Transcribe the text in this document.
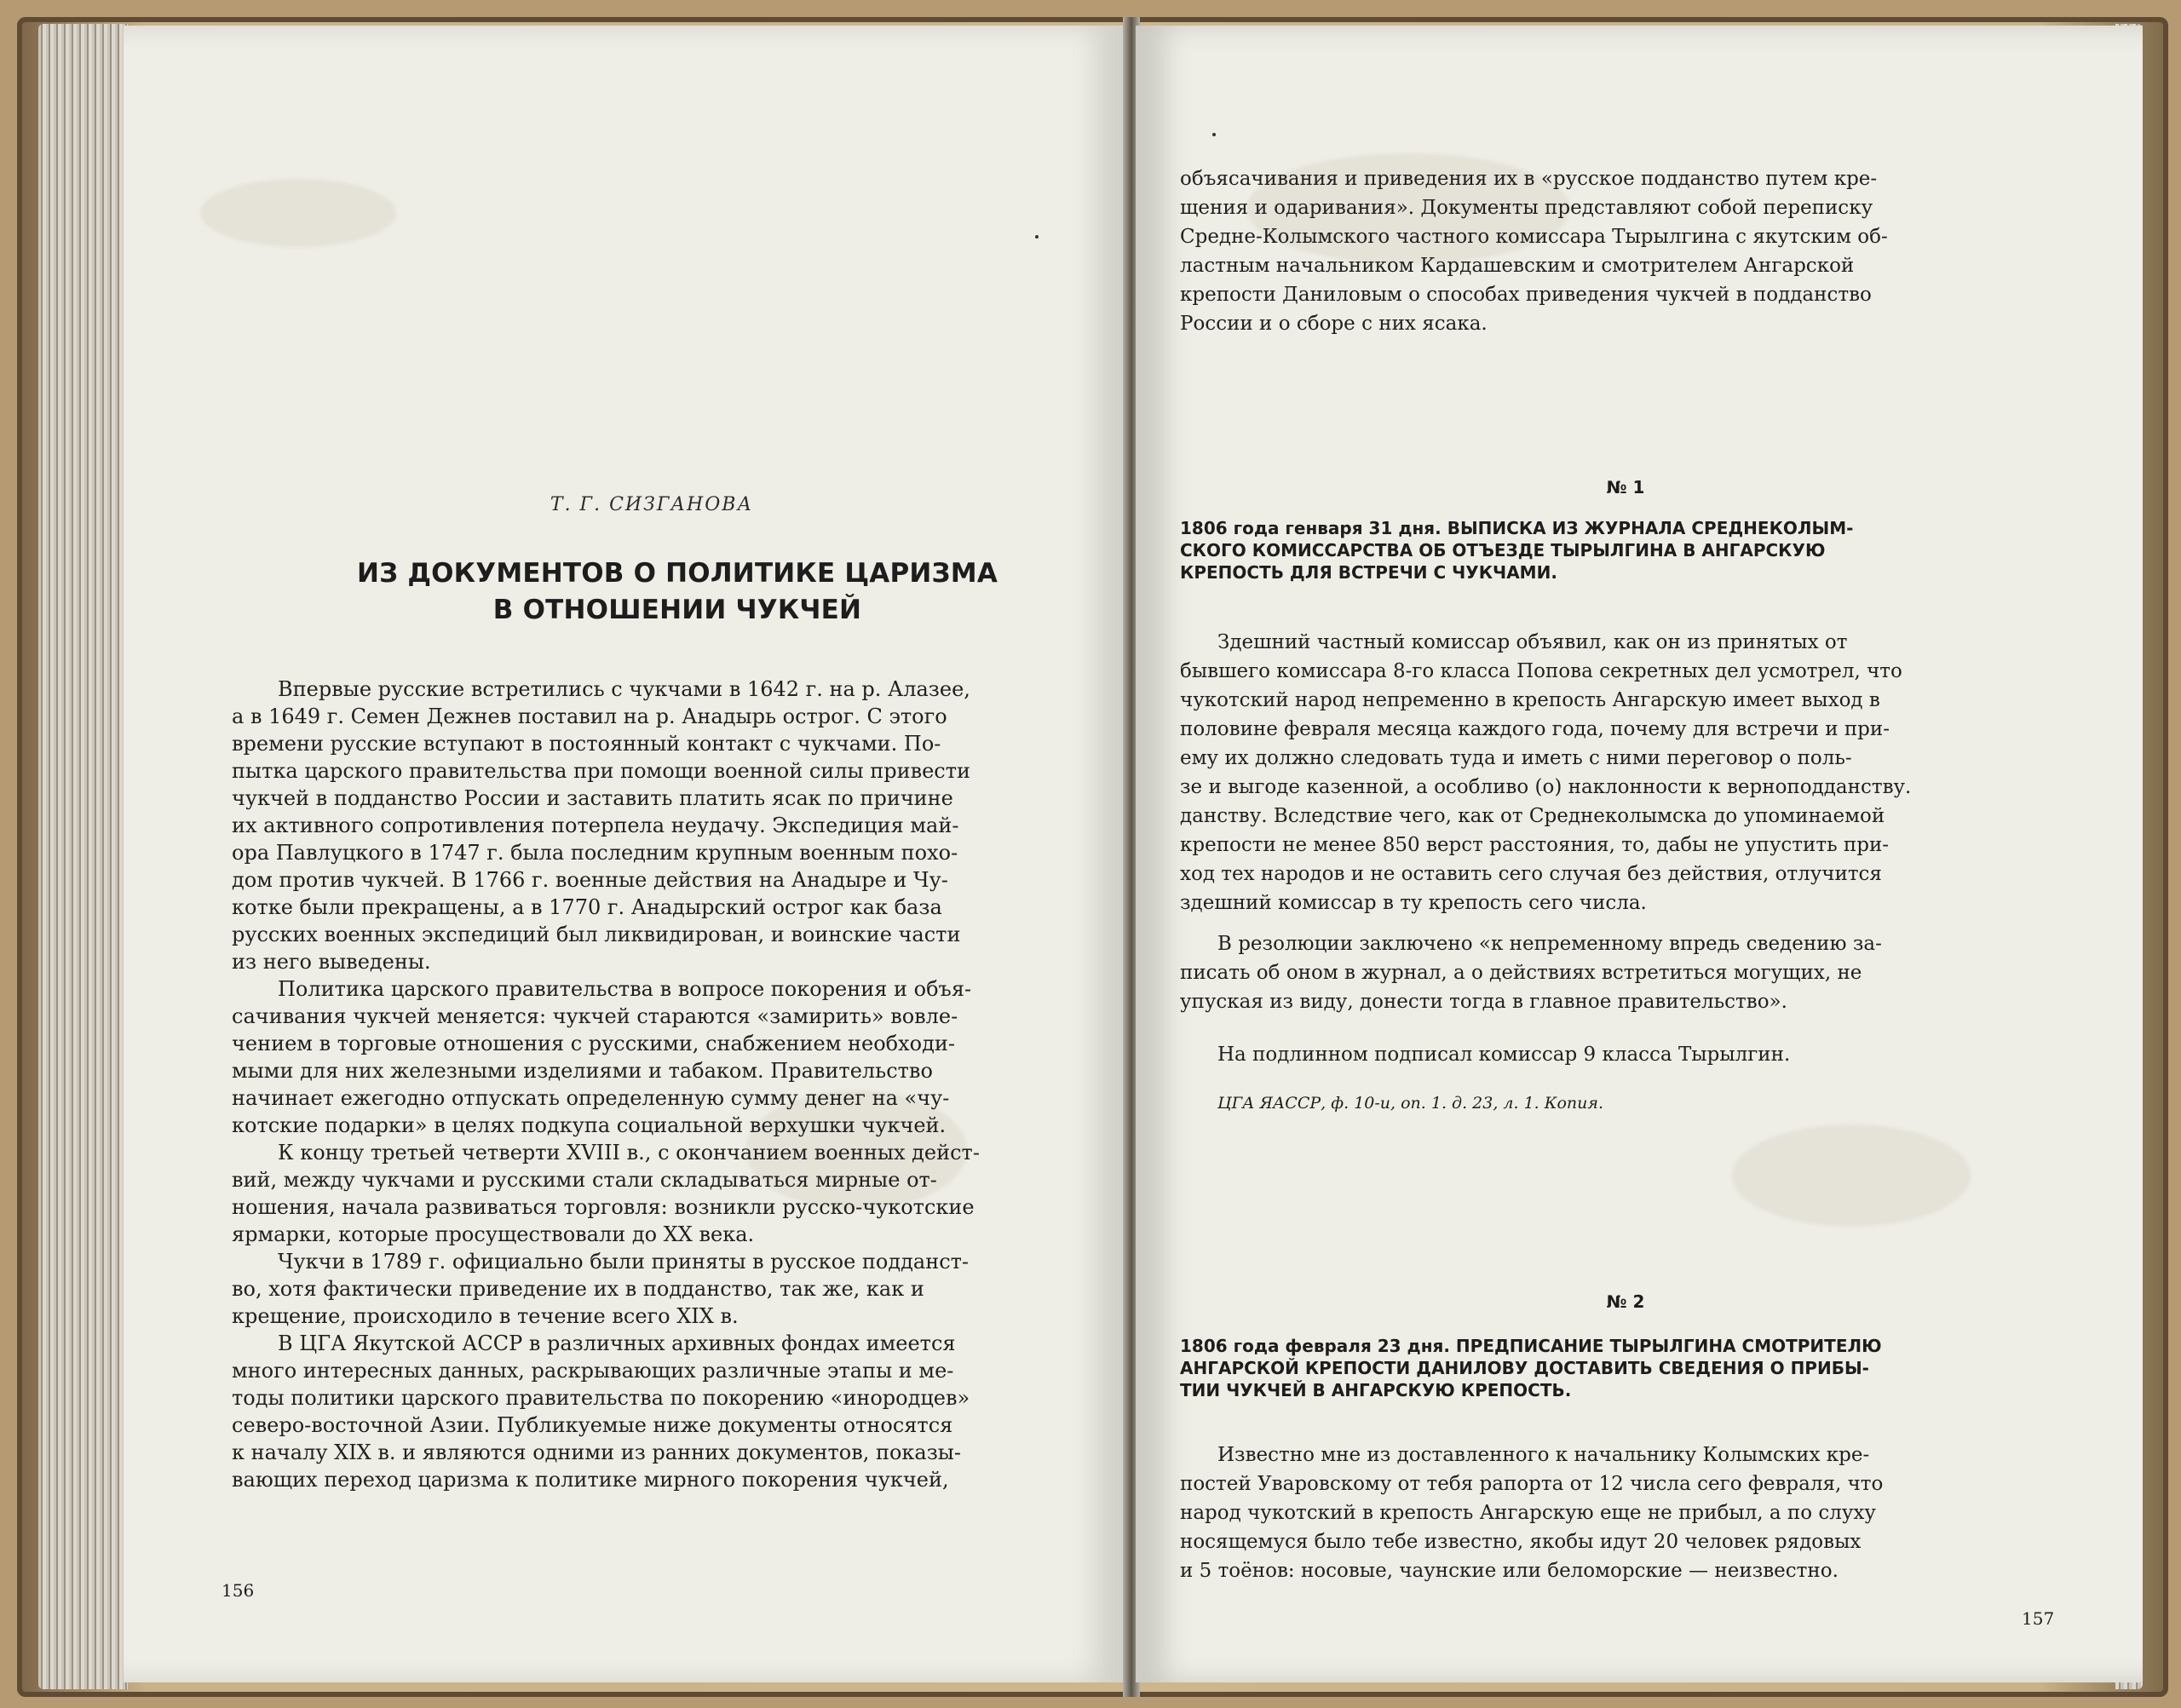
Т. Г. СИЗГАНОВА
ИЗ ДОКУМЕНТОВ О ПОЛИТИКЕ ЦАРИЗМА
В ОТНОШЕНИИ ЧУКЧЕЙ
Впервые русские встретились с чукчами в 1642 г. на р. Алазее,
а в 1649 г. Семен Дежнев поставил на р. Анадырь острог. С этого
времени русские вступают в постоянный контакт с чукчами. По-
пытка царского правительства при помощи военной силы привести
чукчей в подданство России и заставить платить ясак по причине
их активного сопротивления потерпела неудачу. Экспедиция май-
ора Павлуцкого в 1747 г. была последним крупным военным похо-
дом против чукчей. В 1766 г. военные действия на Анадыре и Чу-
котке были прекращены, а в 1770 г. Анадырский острог как база
русских военных экспедиций был ликвидирован, и воинские части
из него выведены.
Политика царского правительства в вопросе покорения и объя-
сачивания чукчей меняется: чукчей стараются «замирить» вовле-
чением в торговые отношения с русскими, снабжением необходи-
мыми для них железными изделиями и табаком. Правительство
начинает ежегодно отпускать определенную сумму денег на «чу-
котские подарки» в целях подкупа социальной верхушки чукчей.
К концу третьей четверти XVIII в., с окончанием военных дейст-
вий, между чукчами и русскими стали складываться мирные от-
ношения, начала развиваться торговля: возникли русско-чукотские
ярмарки, которые просуществовали до XX века.
Чукчи в 1789 г. официально были приняты в русское подданст-
во, хотя фактически приведение их в подданство, так же, как и
крещение, происходило в течение всего XIX в.
В ЦГА Якутской АССР в различных архивных фондах имеется
много интересных данных, раскрывающих различные этапы и ме-
тоды политики царского правительства по покорению «инородцев»
северо-восточной Азии. Публикуемые ниже документы относятся
к началу XIX в. и являются одними из ранних документов, показы-
вающих переход царизма к политике мирного покорения чукчей,
156
объясачивания и приведения их в «русское подданство путем кре-
щения и одаривания». Документы представляют собой переписку
Средне-Колымского частного комиссара Тырылгина с якутским об-
ластным начальником Кардашевским и смотрителем Ангарской
крепости Даниловым о способах приведения чукчей в подданство
России и о сборе с них ясака.
№ 1
1806 года генваря 31 дня. ВЫПИСКА ИЗ ЖУРНАЛА СРЕДНЕКОЛЫМ-
СКОГО КОМИССАРСТВА ОБ ОТЪЕЗДЕ ТЫРЫЛГИНА В АНГАРСКУЮ
КРЕПОСТЬ ДЛЯ ВСТРЕЧИ С ЧУКЧАМИ.
Здешний частный комиссар объявил, как он из принятых от
бывшего комиссара 8-го класса Попова секретных дел усмотрел, что
чукотский народ непременно в крепость Ангарскую имеет выход в
половине февраля месяца каждого года, почему для встречи и при-
ему их должно следовать туда и иметь с ними переговор о поль-
зе и выгоде казенной, а особливо (о) наклонности к верноподданству.
данству. Вследствие чего, как от Среднеколымска до упоминаемой
крепости не менее 850 верст расстояния, то, дабы не упустить при-
ход тех народов и не оставить сего случая без действия, отлучится
здешний комиссар в ту крепость сего числа.
В резолюции заключено «к непременному впредь сведению за-
писать об оном в журнал, а о действиях встретиться могущих, не
упуская из виду, донести тогда в главное правительство».
На подлинном подписал комиссар 9 класса Тырылгин.
ЦГА ЯАССР, ф. 10-и, оп. 1. д. 23, л. 1. Копия.
№ 2
1806 года февраля 23 дня. ПРЕДПИСАНИЕ ТЫРЫЛГИНА СМОТРИТЕЛЮ
АНГАРСКОЙ КРЕПОСТИ ДАНИЛОВУ ДОСТАВИТЬ СВЕДЕНИЯ О ПРИБЫ-
ТИИ ЧУКЧЕЙ В АНГАРСКУЮ КРЕПОСТЬ.
Известно мне из доставленного к начальнику Колымских кре-
постей Уваровскому от тебя рапорта от 12 числа сего февраля, что
народ чукотский в крепость Ангарскую еще не прибыл, а по слуху
носящемуся было тебе известно, якобы идут 20 человек рядовых
и 5 тоёнов: носовые, чаунские или беломорские — неизвестно.
157
